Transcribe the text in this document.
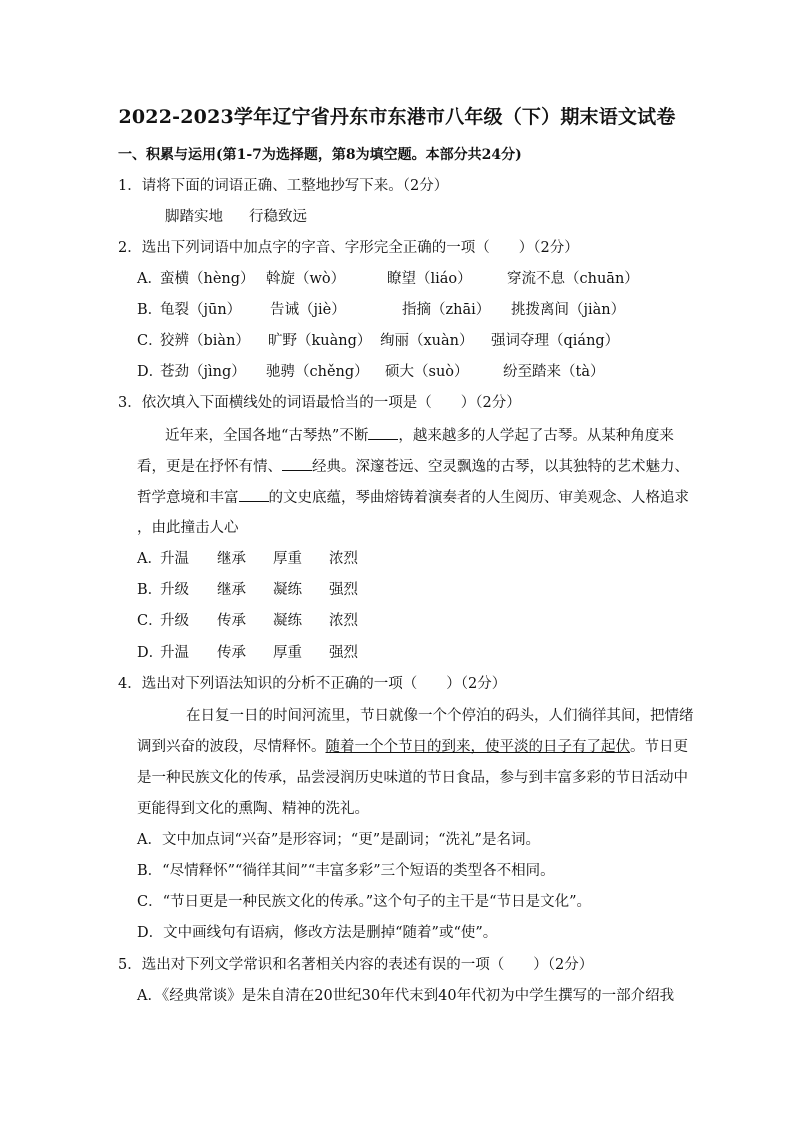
2022-2023学年辽宁省丹东市东港市八年级（下）期末语文试卷
一、积累与运用(第1-7为选择题，第8为填空题。本部分共24分)
1．请将下面的词语正确、工整地抄写下来。（2分）
脚踏实地 行稳致远
2．选出下列词语中加点字的字音、字形完全正确的一项（　　）（2分）
A．
蛮横（hèng） 斡旋（wò）	瞭望（liáo） 穿流不息（chuān）
B．
龟裂（jūn） 告诫（jiè）	指摘（zhāi） 挑拨离间（jiàn）
C．
狡辨（biàn） 旷野（kuàng） 绚丽（xuàn） 强词夺理（qiáng）
D．
苍劲（jìng） 驰骋（chěng） 硕大（suò） 纷至踏来（tà）
3．依次填入下面横线处的词语最恰当的一项是（　　）（2分）
近年来，全国各地“古琴热”不断 ，越来越多的人学起了古琴。从某种角度来
看，更是在抒怀有情、 经典。深邃苍远、空灵飘逸的古琴，以其独特的艺术魅力、
哲学意境和丰富 的文史底蕴，琴曲熔铸着演奏者的人生阅历、审美观念、人格追求
，由此撞击人心
A．
升温 继承 厚重 浓烈
B．
升级 继承 凝练 强烈
C．
升级 传承 凝练 浓烈
D．
升温 传承 厚重 强烈
4．选出对下列语法知识的分析不正确的一项（　　）（2分）
在日复一日的时间河流里，节日就像一个个停泊的码头，人们徜徉其间，把情绪
调到兴奋的波段，尽情释怀。随着一个个节日的到来，使平淡的日子有了起伏。节日更
是一种民族文化的传承，品尝浸润历史味道的节日食品，参与到丰富多彩的节日活动中
更能得到文化的熏陶、精神的洗礼。
A．文中加点词“兴奋”是形容词；“更”是副词；“洗礼”是名词。
B．“尽情释怀”“徜徉其间”“丰富多彩”三个短语的类型各不相同。
C．“节日更是一种民族文化的传承。”这个句子的主干是“节日是文化”。
D．文中画线句有语病，修改方法是删掉“随着”或“使”。
5．选出对下列文学常识和名著相关内容的表述有误的一项（　　）（2分）
A．《经典常谈》是朱自清在20世纪30年代末到40年代初为中学生撰写的一部介绍我
